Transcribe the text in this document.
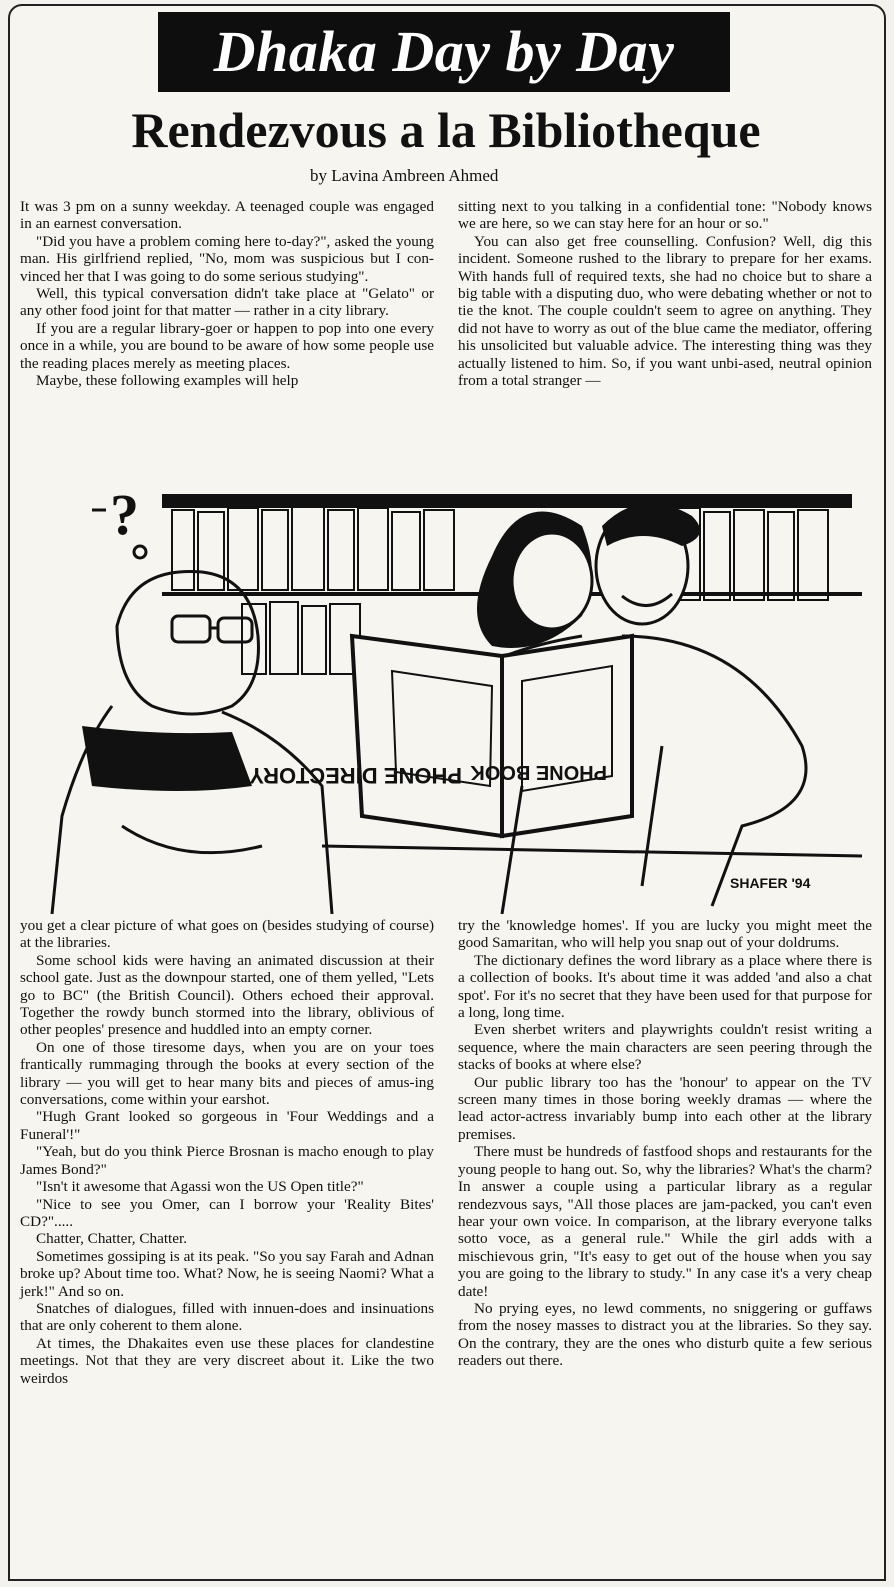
Dhaka Day by Day
Rendezvous a la Bibliotheque
by Lavina Ambreen Ahmed

It was 3 pm on a sunny weekday. A teenaged couple was engaged in an earnest conversation.

"Did you have a problem coming here to-day?", asked the young man. His girlfriend replied, "No, mom was suspicious but I con-vinced her that I was going to do some serious studying".

Well, this typical conversation didn't take place at "Gelato" or any other food joint for that matter — rather in a city library.

If you are a regular library-goer or happen to pop into one every once in a while, you are bound to be aware of how some people use the reading places merely as meeting places.

Maybe, these following examples will help

sitting next to you talking in a confidential tone: "Nobody knows we are here, so we can stay here for an hour or so."

You can also get free counselling. Confusion? Well, dig this incident. Someone rushed to the library to prepare for her exams. With hands full of required texts, she had no choice but to share a big table with a disputing duo, who were debating whether or not to tie the knot. The couple couldn't seem to agree on anything. They did not have to worry as out of the blue came the mediator, offering his unsolicited but valuable advice. The interesting thing was they actually listened to him. So, if you want unbi-ased, neutral opinion from a total stranger —

?
PHONE DIRECTORY PHONE BOOK
SHAFER '94

you get a clear picture of what goes on (besides studying of course) at the libraries.

Some school kids were having an animated discussion at their school gate. Just as the downpour started, one of them yelled, "Lets go to BC" (the British Council). Others echoed their approval. Together the rowdy bunch stormed into the library, oblivious of other peoples' presence and huddled into an empty corner.

On one of those tiresome days, when you are on your toes frantically rummaging through the books at every section of the library — you will get to hear many bits and pieces of amus-ing conversations, come within your earshot.

"Hugh Grant looked so gorgeous in 'Four Weddings and a Funeral'!"

"Yeah, but do you think Pierce Brosnan is macho enough to play James Bond?"

"Isn't it awesome that Agassi won the US Open title?"

"Nice to see you Omer, can I borrow your 'Reality Bites' CD?".....

Chatter, Chatter, Chatter.

Sometimes gossiping is at its peak. "So you say Farah and Adnan broke up? About time too. What? Now, he is seeing Naomi? What a jerk!" And so on.

Snatches of dialogues, filled with innuen-does and insinuations that are only coherent to them alone.

At times, the Dhakaites even use these places for clandestine meetings. Not that they are very discreet about it. Like the two weirdos

try the 'knowledge homes'. If you are lucky you might meet the good Samaritan, who will help you snap out of your doldrums.

The dictionary defines the word library as a place where there is a collection of books. It's about time it was added 'and also a chat spot'. For it's no secret that they have been used for that purpose for a long, long time.

Even sherbet writers and playwrights couldn't resist writing a sequence, where the main characters are seen peering through the stacks of books at where else?

Our public library too has the 'honour' to appear on the TV screen many times in those boring weekly dramas — where the lead actor-actress invariably bump into each other at the library premises.

There must be hundreds of fastfood shops and restaurants for the young people to hang out. So, why the libraries? What's the charm? In answer a couple using a particular library as a regular rendezvous says, "All those places are jam-packed, you can't even hear your own voice. In comparison, at the library everyone talks sotto voce, as a general rule." While the girl adds with a mischievous grin, "It's easy to get out of the house when you say you are going to the library to study." In any case it's a very cheap date!

No prying eyes, no lewd comments, no sniggering or guffaws from the nosey masses to distract you at the libraries. So they say. On the contrary, they are the ones who disturb quite a few serious readers out there.
